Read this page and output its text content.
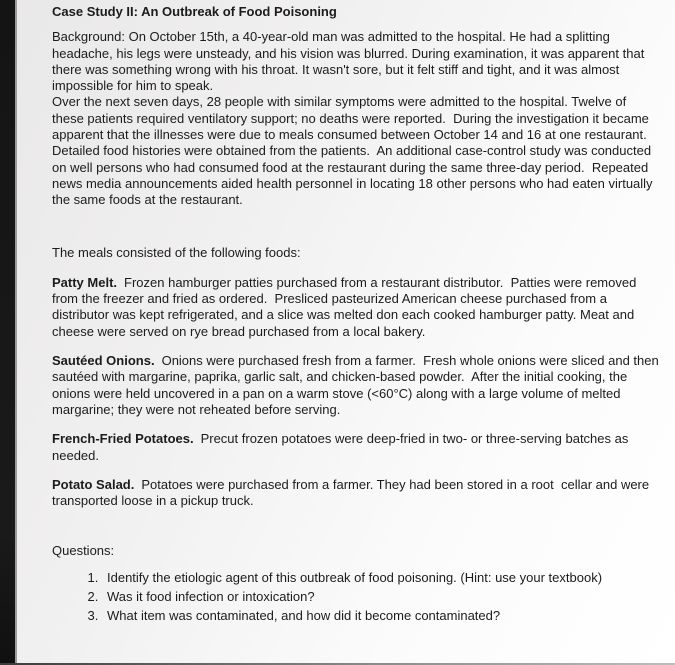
Case Study II: An Outbreak of Food Poisoning

Background: On October 15th, a 40-year-old man was admitted to the hospital. He had a splitting headache, his legs were unsteady, and his vision was blurred. During examination, it was apparent that there was something wrong with his throat. It wasn't sore, but it felt stiff and tight, and it was almost impossible for him to speak.

Over the next seven days, 28 people with similar symptoms were admitted to the hospital. Twelve of these patients required ventilatory support; no deaths were reported.  During the investigation it became apparent that the illnesses were due to meals consumed between October 14 and 16 at one restaurant.

Detailed food histories were obtained from the patients.  An additional case-control study was conducted on well persons who had consumed food at the restaurant during the same three-day period.  Repeated news media announcements aided health personnel in locating 18 other persons who had eaten virtually the same foods at the restaurant.

The meals consisted of the following foods:

Patty Melt. Frozen hamburger patties purchased from a restaurant distributor.  Patties were removed from the freezer and fried as ordered.  Presliced pasteurized American cheese purchased from a distributor was kept refrigerated, and a slice was melted don each cooked hamburger patty. Meat and cheese were served on rye bread purchased from a local bakery.

Sautéed Onions. Onions were purchased fresh from a farmer.  Fresh whole onions were sliced and then sautéed with margarine, paprika, garlic salt, and chicken-based powder.  After the initial cooking, the onions were held uncovered in a pan on a warm stove (<60°C) along with a large volume of melted margarine; they were not reheated before serving.

French-Fried Potatoes. Precut frozen potatoes were deep-fried in two- or three-serving batches as needed.

Potato Salad. Potatoes were purchased from a farmer. They had been stored in a root  cellar and were transported loose in a pickup truck.

Questions:

1. Identify the etiologic agent of this outbreak of food poisoning. (Hint: use your textbook)
2. Was it food infection or intoxication?
3. What item was contaminated, and how did it become contaminated?
